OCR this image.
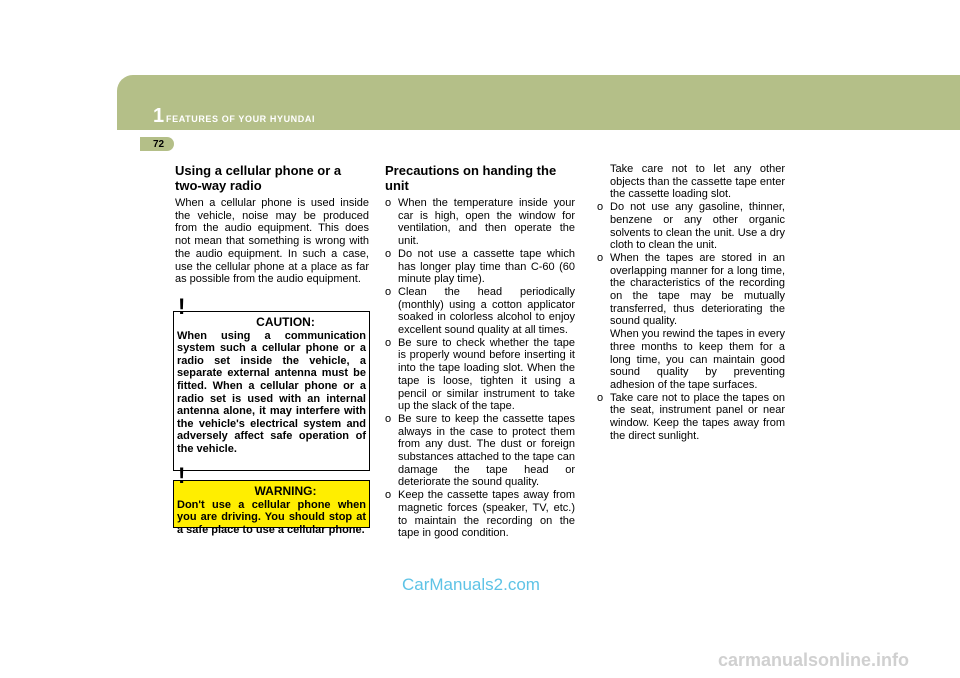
1 FEATURES OF YOUR HYUNDAI
72
Using a cellular phone or a two-way radio

When a cellular phone is used inside the vehicle, noise may be produced from the audio equipment. This does not mean that something is wrong with the audio equipment. In such a case, use the cellular phone at a place as far as possible from the audio equipment.

CAUTION:
When using a communication system such a cellular phone or a radio set inside the vehicle, a separate external antenna must be fitted. When a cellular phone or a radio set is used with an internal antenna alone, it may interfere with the vehicle's electrical system and adversely affect safe operation of the vehicle.
!
WARNING:
Don't use a cellular phone when you are driving. You should stop at a safe place to use a cellular phone.
!
Precautions on handing the unit
o When the temperature inside your car is high, open the window for ventilation, and then operate the unit.
o Do not use a cassette tape which has longer play time than C-60 (60 minute play time).
o Clean the head periodically (monthly) using a cotton applicator soaked in colorless alcohol to enjoy excellent sound quality at all times.
o Be sure to check whether the tape is properly wound before inserting it into the tape loading slot. When the tape is loose, tighten it using a pencil or similar instrument to take up the slack of the tape.
o Be sure to keep the cassette tapes always in the case to protect them from any dust. The dust or foreign substances attached to the tape can damage the tape head or deteriorate the sound quality.
o Keep the cassette tapes away from magnetic forces (speaker, TV, etc.) to maintain the recording on the tape in good condition.

Take care not to let any other objects than the cassette tape enter the cassette loading slot.

o Do not use any gasoline, thinner, benzene or any other organic solvents to clean the unit. Use a dry cloth to clean the unit.
o When the tapes are stored in an overlapping manner for a long time, the characteristics of the recording on the tape may be mutually transferred, thus deteriorating the sound quality.
When you rewind the tapes in every three months to keep them for a long time, you can maintain good sound quality by preventing adhesion of the tape surfaces.
o Take care not to place the tapes on the seat, instrument panel or near window. Keep the tapes away from the direct sunlight.
CarManuals2.com
carmanualsonline.info
